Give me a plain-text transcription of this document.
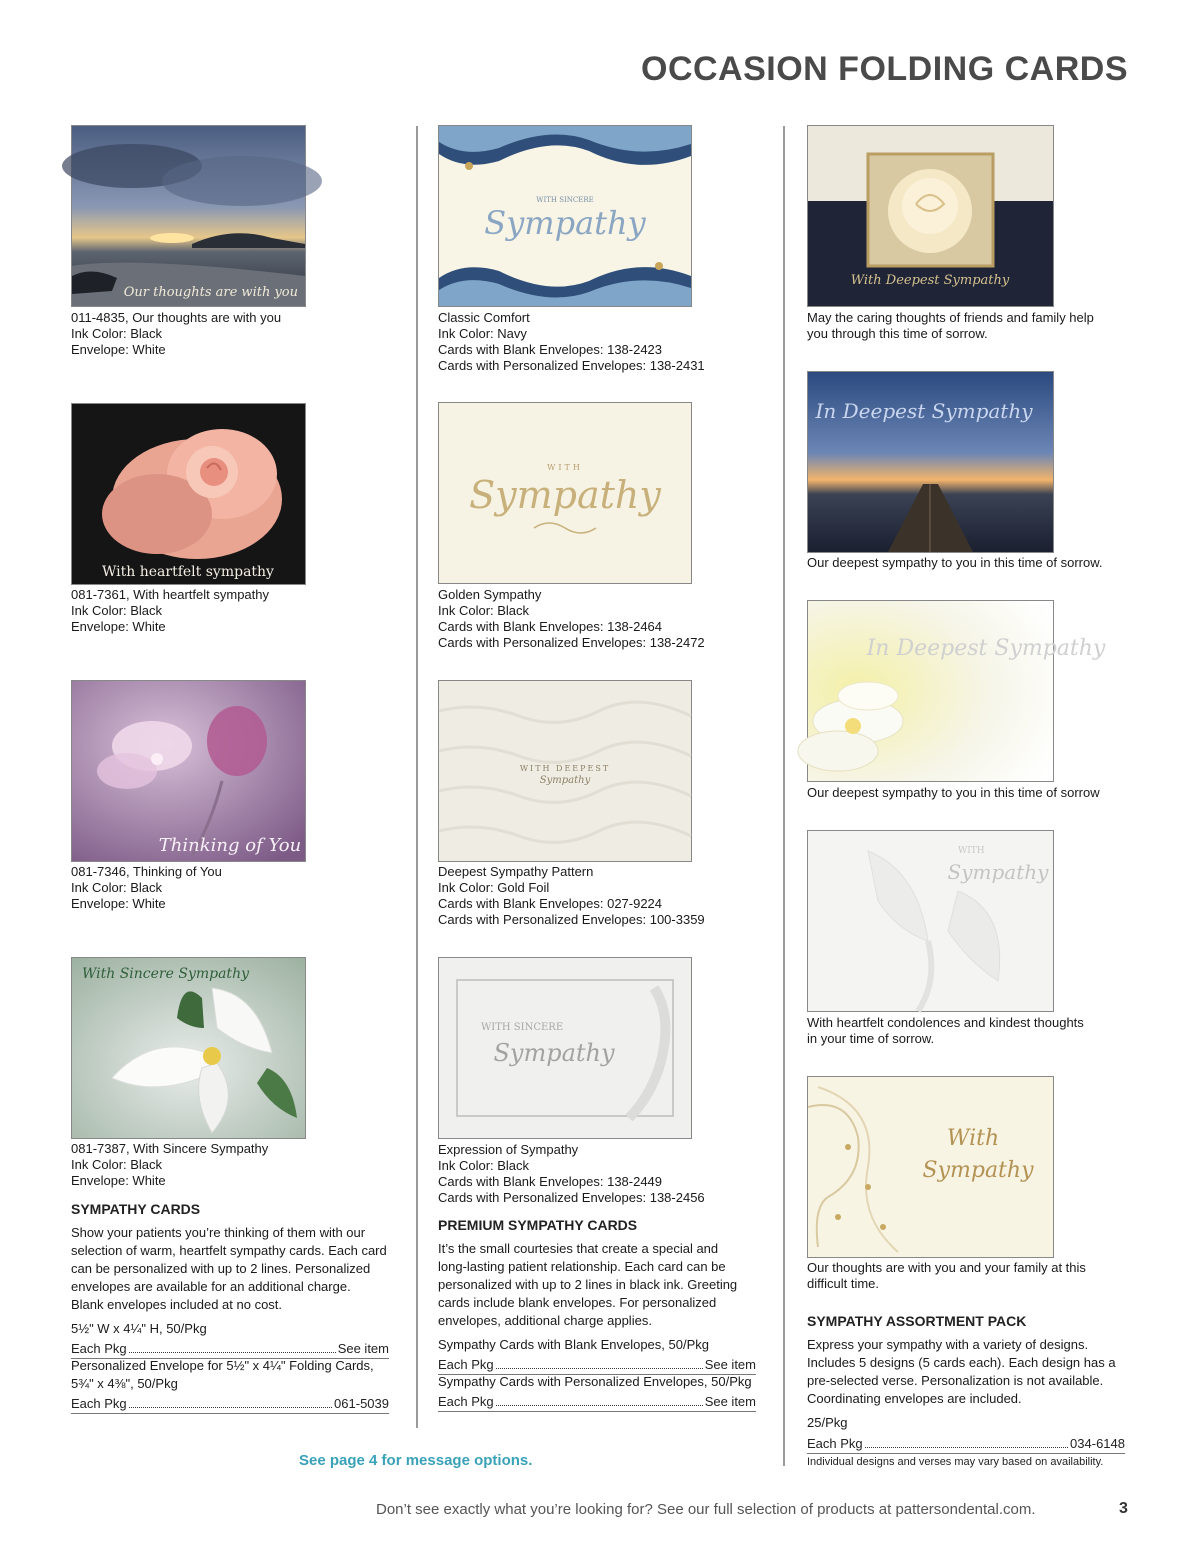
OCCASION FOLDING CARDS
Our thoughts are with you
011-4835, Our thoughts are with you
Ink Color: Black
Envelope: White
With heartfelt sympathy
081-7361, With heartfelt sympathy
Ink Color: Black
Envelope: White
Thinking of You
081-7346, Thinking of You
Ink Color: Black
Envelope: White
With Sincere Sympathy
081-7387, With Sincere Sympathy
Ink Color: Black
Envelope: White
SYMPATHY CARDS
Show your patients you’re thinking of them with our
selection of warm, heartfelt sympathy cards. Each card
can be personalized with up to 2 lines. Personalized
envelopes are available for an additional charge.
Blank envelopes included at no cost.
5½" W x 4¼" H, 50/Pkg
Each Pkg	See item
Personalized Envelope for 5½" x 4¼" Folding Cards,
5¾" x 4⅜", 50/Pkg
Each Pkg	061-5039
WITH SINCERE
Sympathy
Classic Comfort
Ink Color: Navy
Cards with Blank Envelopes: 138-2423
Cards with Personalized Envelopes: 138-2431
WITH
Sympathy
Golden Sympathy
Ink Color: Black
Cards with Blank Envelopes: 138-2464
Cards with Personalized Envelopes: 138-2472
WITH DEEPEST
Sympathy
Deepest Sympathy Pattern
Ink Color: Gold Foil
Cards with Blank Envelopes: 027-9224
Cards with Personalized Envelopes: 100-3359
WITH SINCERE
Sympathy
Expression of Sympathy
Ink Color: Black
Cards with Blank Envelopes: 138-2449
Cards with Personalized Envelopes: 138-2456
PREMIUM SYMPATHY CARDS
It’s the small courtesies that create a special and
long-lasting patient relationship. Each card can be
personalized with up to 2 lines in black ink. Greeting
cards include blank envelopes. For personalized
envelopes, additional charge applies.
Sympathy Cards with Blank Envelopes, 50/Pkg
Each Pkg	See item
Sympathy Cards with Personalized Envelopes, 50/Pkg
Each Pkg	See item
With Deepest Sympathy
May the caring thoughts of friends and family help
you through this time of sorrow.
In Deepest Sympathy
Our deepest sympathy to you in this time of sorrow.
In Deepest Sympathy
Our deepest sympathy to you in this time of sorrow
WITH
Sympathy
With heartfelt condolences and kindest thoughts
in your time of sorrow.
With
Sympathy
Our thoughts are with you and your family at this
difficult time.
SYMPATHY ASSORTMENT PACK
Express your sympathy with a variety of designs.
Includes 5 designs (5 cards each). Each design has a
pre-selected verse. Personalization is not available.
Coordinating envelopes are included.
25/Pkg
Each Pkg	034-6148
Individual designs and verses may vary based on availability.
See page 4 for message options.
Don’t see exactly what you’re looking for? See our full selection of products at pattersondental.com.	3
